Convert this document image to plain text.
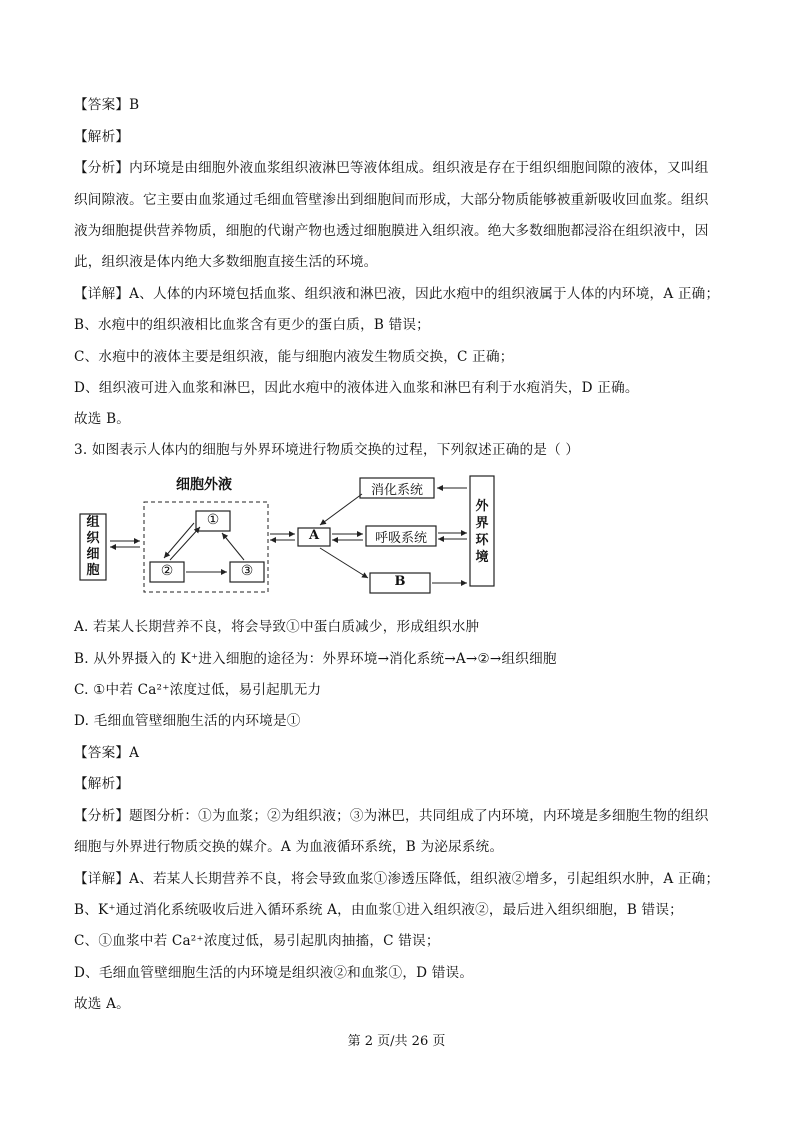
【答案】B
【解析】
【分析】内环境是由细胞外液血浆组织液淋巴等液体组成。组织液是存在于组织细胞间隙的液体，又叫组
织间隙液。它主要由血浆通过毛细血管壁渗出到细胞间而形成，大部分物质能够被重新吸收回血浆。组织
液为细胞提供营养物质，细胞的代谢产物也透过细胞膜进入组织液。绝大多数细胞都浸浴在组织液中，因
此，组织液是体内绝大多数细胞直接生活的环境。
【详解】A、人体的内环境包括血浆、组织液和淋巴液，因此水疱中的组织液属于人体的内环境，A 正确；
B、水疱中的组织液相比血浆含有更少的蛋白质，B 错误；
C、水疱中的液体主要是组织液，能与细胞内液发生物质交换，C 正确；
D、组织液可进入血浆和淋巴，因此水疱中的液体进入血浆和淋巴有利于水疱消失，D 正确。
故选 B。
3. 如图表示人体内的细胞与外界环境进行物质交换的过程，下列叙述正确的是（ ）
A. 若某人长期营养不良，将会导致①中蛋白质减少，形成组织水肿
B. 从外界摄入的 K⁺进入细胞的途径为：外界环境→消化系统→A→②→组织细胞
C. ①中若 Ca²⁺浓度过低，易引起肌无力
D. 毛细血管壁细胞生活的内环境是①
【答案】A
【解析】
【分析】题图分析：①为血浆；②为组织液；③为淋巴，共同组成了内环境，内环境是多细胞生物的组织
细胞与外界进行物质交换的媒介。A 为血液循环系统，B 为泌尿系统。
【详解】A、若某人长期营养不良，将会导致血浆①渗透压降低，组织液②增多，引起组织水肿，A 正确；
B、K⁺通过消化系统吸收后进入循环系统 A，由血浆①进入组织液②，最后进入组织细胞，B 错误；
C、①血浆中若 Ca²⁺浓度过低，易引起肌肉抽搐，C 错误；
D、毛细血管壁细胞生活的内环境是组织液②和血浆①，D 错误。
故选 A。
细胞外液
组
织
细
胞
①
②	③
A
B
消化系统
呼吸系统
外
界
环
境
第 2 页/共 26 页
